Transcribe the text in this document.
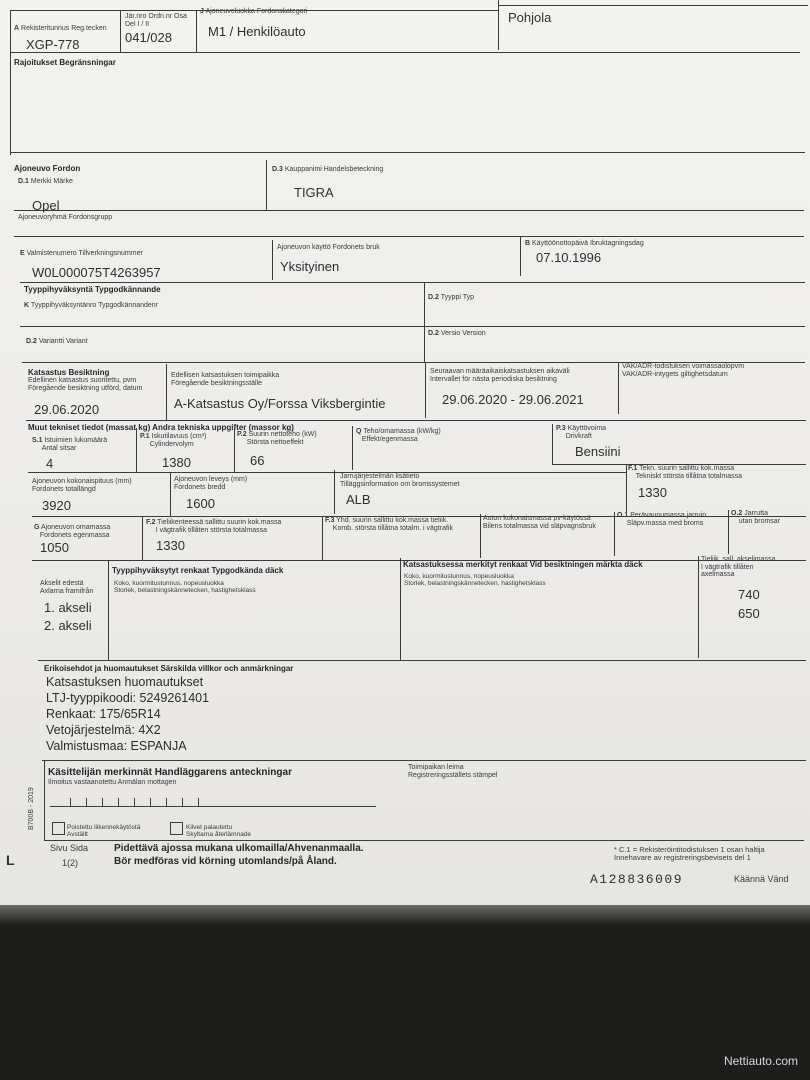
A Rekisteritunnus Reg.tecken
XGP-778
Jär.nro Ordn.nr Osa Del I / II
041/028
J Ajoneuvoluokka Fordonskategori
M1 / Henkilöauto
Pohjola
Rajoitukset Begränsningar
Ajoneuvo Fordon
D.1 Merkki Märke
Opel
D.3 Kauppanimi Handelsbeteckning
TIGRA
Ajoneuvoryhmä Fordonsgrupp
E Valmistenumero Tillverkningsnummer
W0L000075T4263957
Ajoneuvon käyttö Fordonets bruk
Yksityinen
B Käyttöönottopäivä Ibruktagningsdag
07.10.1996
Tyyppihyväksyntä Typgodkännande
K Tyyppihyväksyntänro Typgodkännandenr
D.2 Tyyppi Typ
D.2 Variantti Variant
D.2 Versio Version
Katsastus Besiktning
Edellinen katsastus suoritettu, pvm
Föregående besiktning utförd, datum
29.06.2020
Edellisen katsastuksen toimipaikka
Föregående besiktningsställe
A-Katsastus Oy/Forssa Viksbergintie
Seuraavan määräaikaiskatsastuksen aikaväli
Intervallet för nästa periodiska besiktning
29.06.2020 - 29.06.2021
VAK/ADR-todistuksen voimassaolopvm
VAK/ADR-intygets giltighetsdatum
Muut tekniset tiedot (massat kg) Andra tekniska uppgifter (massor kg)
S.1 Istuimien lukumäärä
Antal sitsar
4
P.1 Iskutilavuus (cm³)
Cylindervolym
1380
P.2 Suurin nettoteho (kW)
Största nettoeffekt
66
Q Teho/omamassa (kW/kg)
Effekt/egenmassa
P.3 Käyttövoima
Drivkraft
Bensiini
Ajoneuvon kokonaispituus (mm)
Fordonets totallängd
3920
Ajoneuvon leveys (mm)
Fordonets bredd
1600
Jarrujärjestelmän lisätieto
Tilläggsinformation om bromssystemet
ALB
F.1 Tekn. suurin sallittu kok.massa
Tekniskt största tillåtna totalmassa
1330
G Ajoneuvon omamassa
Fordonets egenmassa
1050
F.2 Tieliikenteessä sallittu suurin kok.massa
I vägtrafik tillåten största totalmassa
1330
F.3 Yhd. suurin sallittu kok.massa tieliik.
Komb. största tillåtna totalm. i vägtrafik
Auton kokonaismassa pv-käytössä
Bilens totalmassa vid släpvagnsbruk
O.1 Perävaunumassa jarruin
Släpv.massa med broms
O.2 Jarrutta
utan bromsar
Akselit edestä
Axlarna framifrån
1. akseli
2. akseli
Tyyppihyväksytyt renkaat Typgodkända däck
Koko, kuormitustunnus, nopeusluokka
Storlek, belastningskännetecken, hastighetsklass
Katsastuksessa merkityt renkaat Vid besiktningen märkta däck
Koko, kuormitustunnus, nopeusluokka
Storlek, belastningskännetecken, hastighetsklass
Tieliik. sall. akselimassa
I vägtrafik tillåten
axelmassa
740
650
Erikoisehdot ja huomautukset Särskilda villkor och anmärkningar
Katsastuksen huomautukset
LTJ-tyyppikoodi: 5249261401
Renkaat: 175/65R14
Vetojärjestelmä: 4X2
Valmistusmaa: ESPANJA
Käsittelijän merkinnät Handläggarens anteckningar
Ilmoitus vastaanotettu Anmälan mottagen
Toimipaikan leima
Registreringsställets stämpel
Poistettu liikennekäytöstä
Avställt
Kilvet palautettu
Skyltarna återlämnade
B700B - 2019
L
Sivu Sida
1(2)
Pidettävä ajossa mukana ulkomailla/Ahvenanmaalla.
Bör medföras vid körning utomlands/på Åland.
* C.1 = Rekisteröintitodistuksen 1 osan haltija
Innehavare av registreringsbevisets del 1
A128836009	Käännä Vänd
Nettiauto.com
